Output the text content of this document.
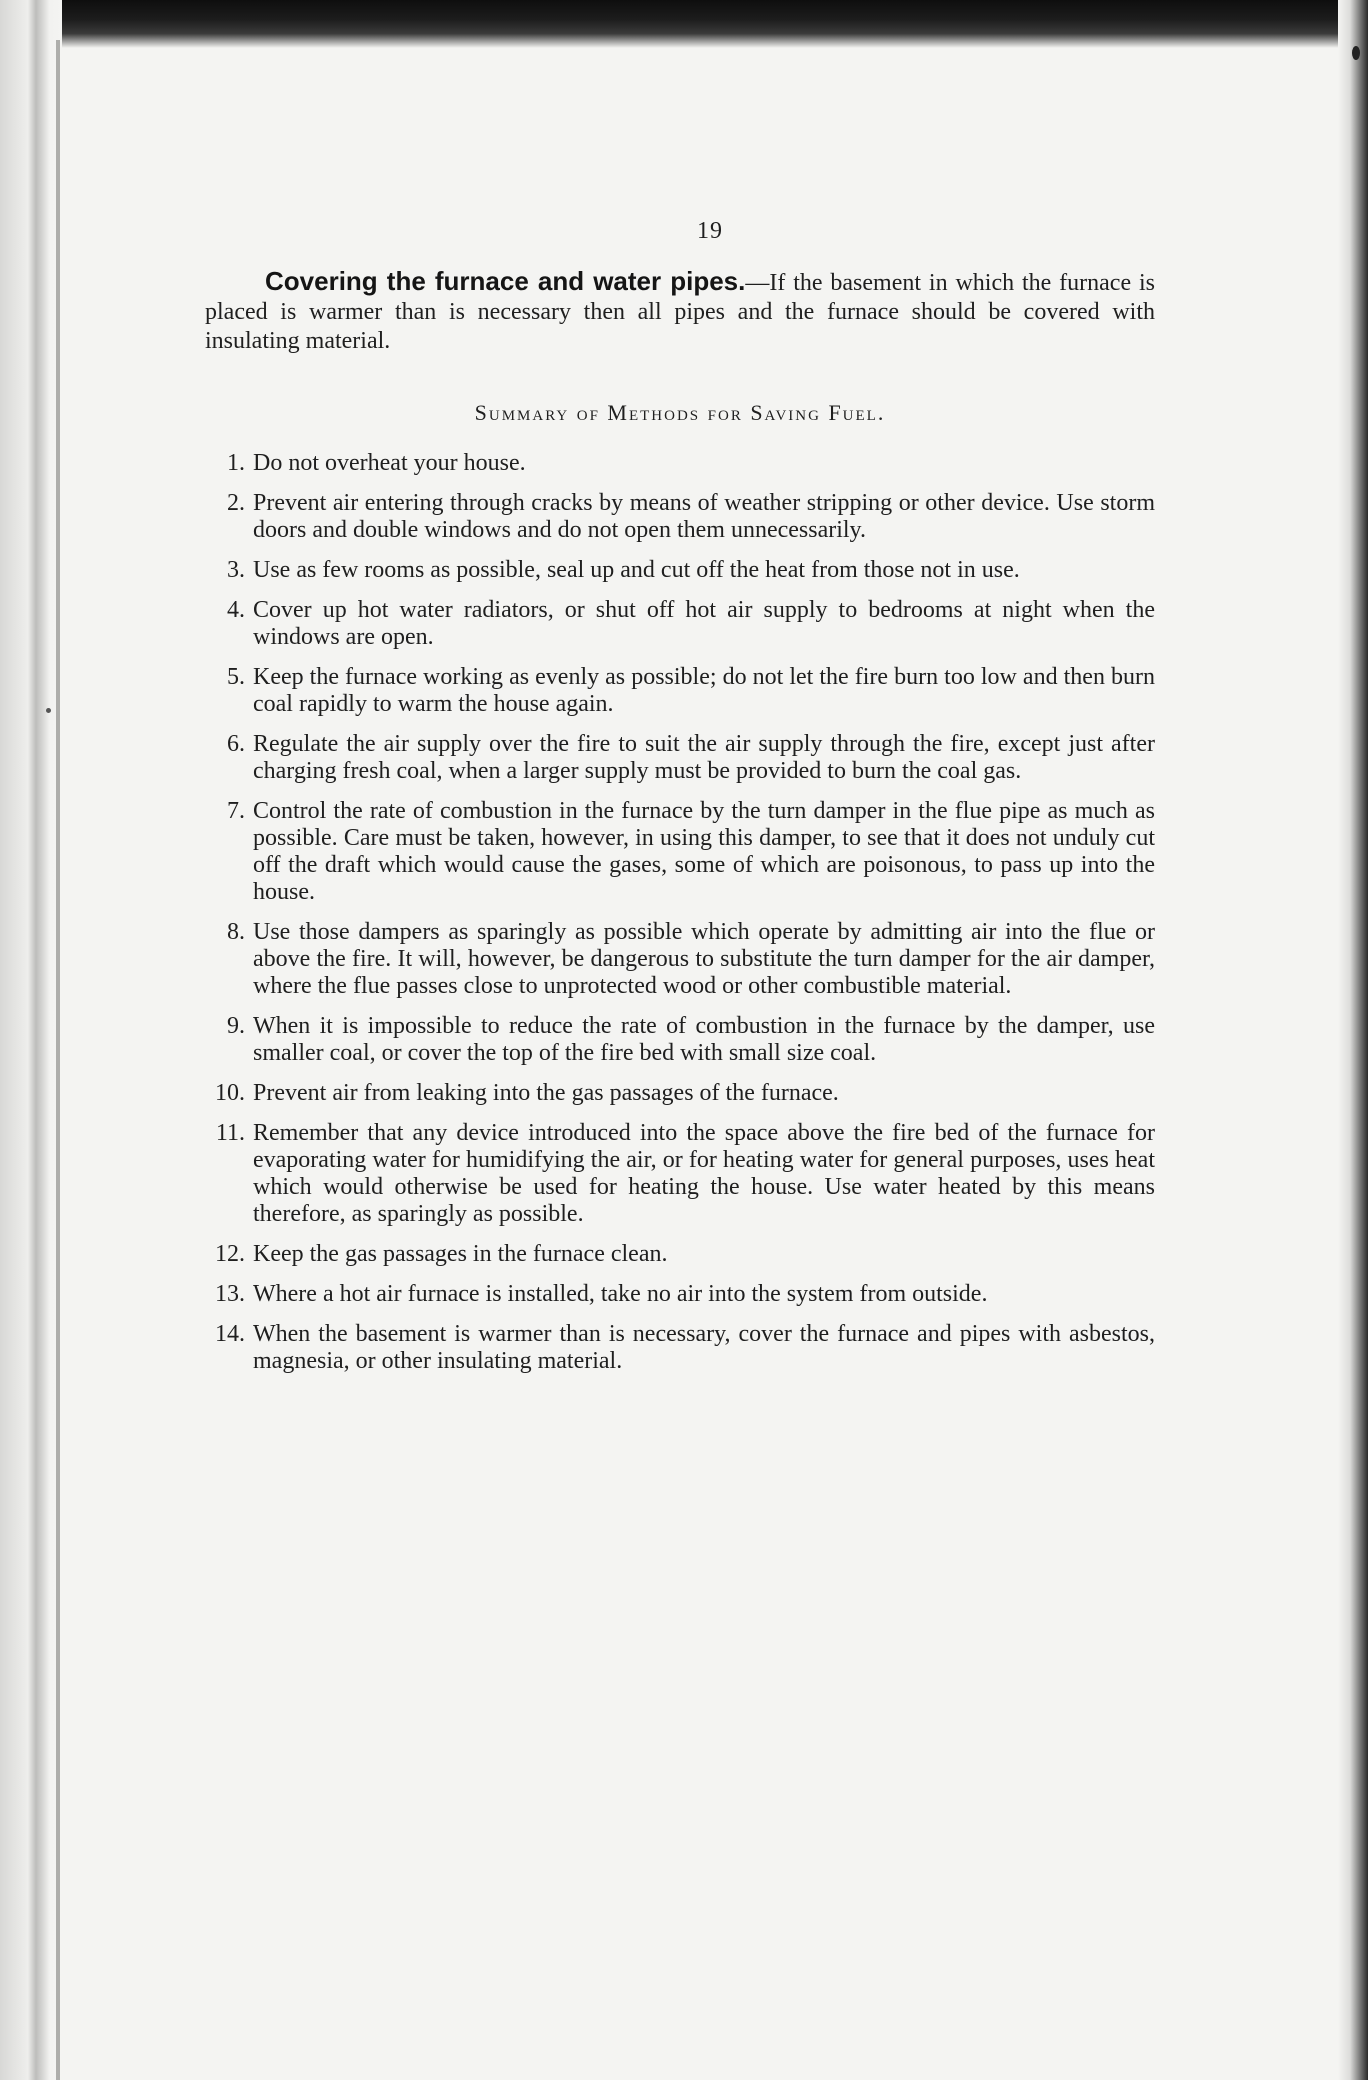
19

Covering the furnace and water pipes.—If the basement in which the furnace is placed is warmer than is necessary then all pipes and the furnace should be covered with insulating material.

Summary of Methods for Saving Fuel.
1. Do not overheat your house.
2. Prevent air entering through cracks by means of weather stripping or other device. Use storm doors and double windows and do not open them unnecessarily.
3. Use as few rooms as possible, seal up and cut off the heat from those not in use.
4. Cover up hot water radiators, or shut off hot air supply to bedrooms at night when the windows are open.
5. Keep the furnace working as evenly as possible; do not let the fire burn too low and then burn coal rapidly to warm the house again.
6. Regulate the air supply over the fire to suit the air supply through the fire, except just after charging fresh coal, when a larger supply must be provided to burn the coal gas.
7. Control the rate of combustion in the furnace by the turn damper in the flue pipe as much as possible. Care must be taken, however, in using this damper, to see that it does not unduly cut off the draft which would cause the gases, some of which are poisonous, to pass up into the house.
8. Use those dampers as sparingly as possible which operate by admitting air into the flue or above the fire. It will, however, be dangerous to substitute the turn damper for the air damper, where the flue passes close to unprotected wood or other combustible material.
9. When it is impossible to reduce the rate of combustion in the furnace by the damper, use smaller coal, or cover the top of the fire bed with small size coal.
10. Prevent air from leaking into the gas passages of the furnace.
11. Remember that any device introduced into the space above the fire bed of the furnace for evaporating water for humidifying the air, or for heating water for general purposes, uses heat which would otherwise be used for heating the house. Use water heated by this means therefore, as sparingly as possible.
12. Keep the gas passages in the furnace clean.
13. Where a hot air furnace is installed, take no air into the system from outside.
14. When the basement is warmer than is necessary, cover the furnace and pipes with asbestos, magnesia, or other insulating material.
